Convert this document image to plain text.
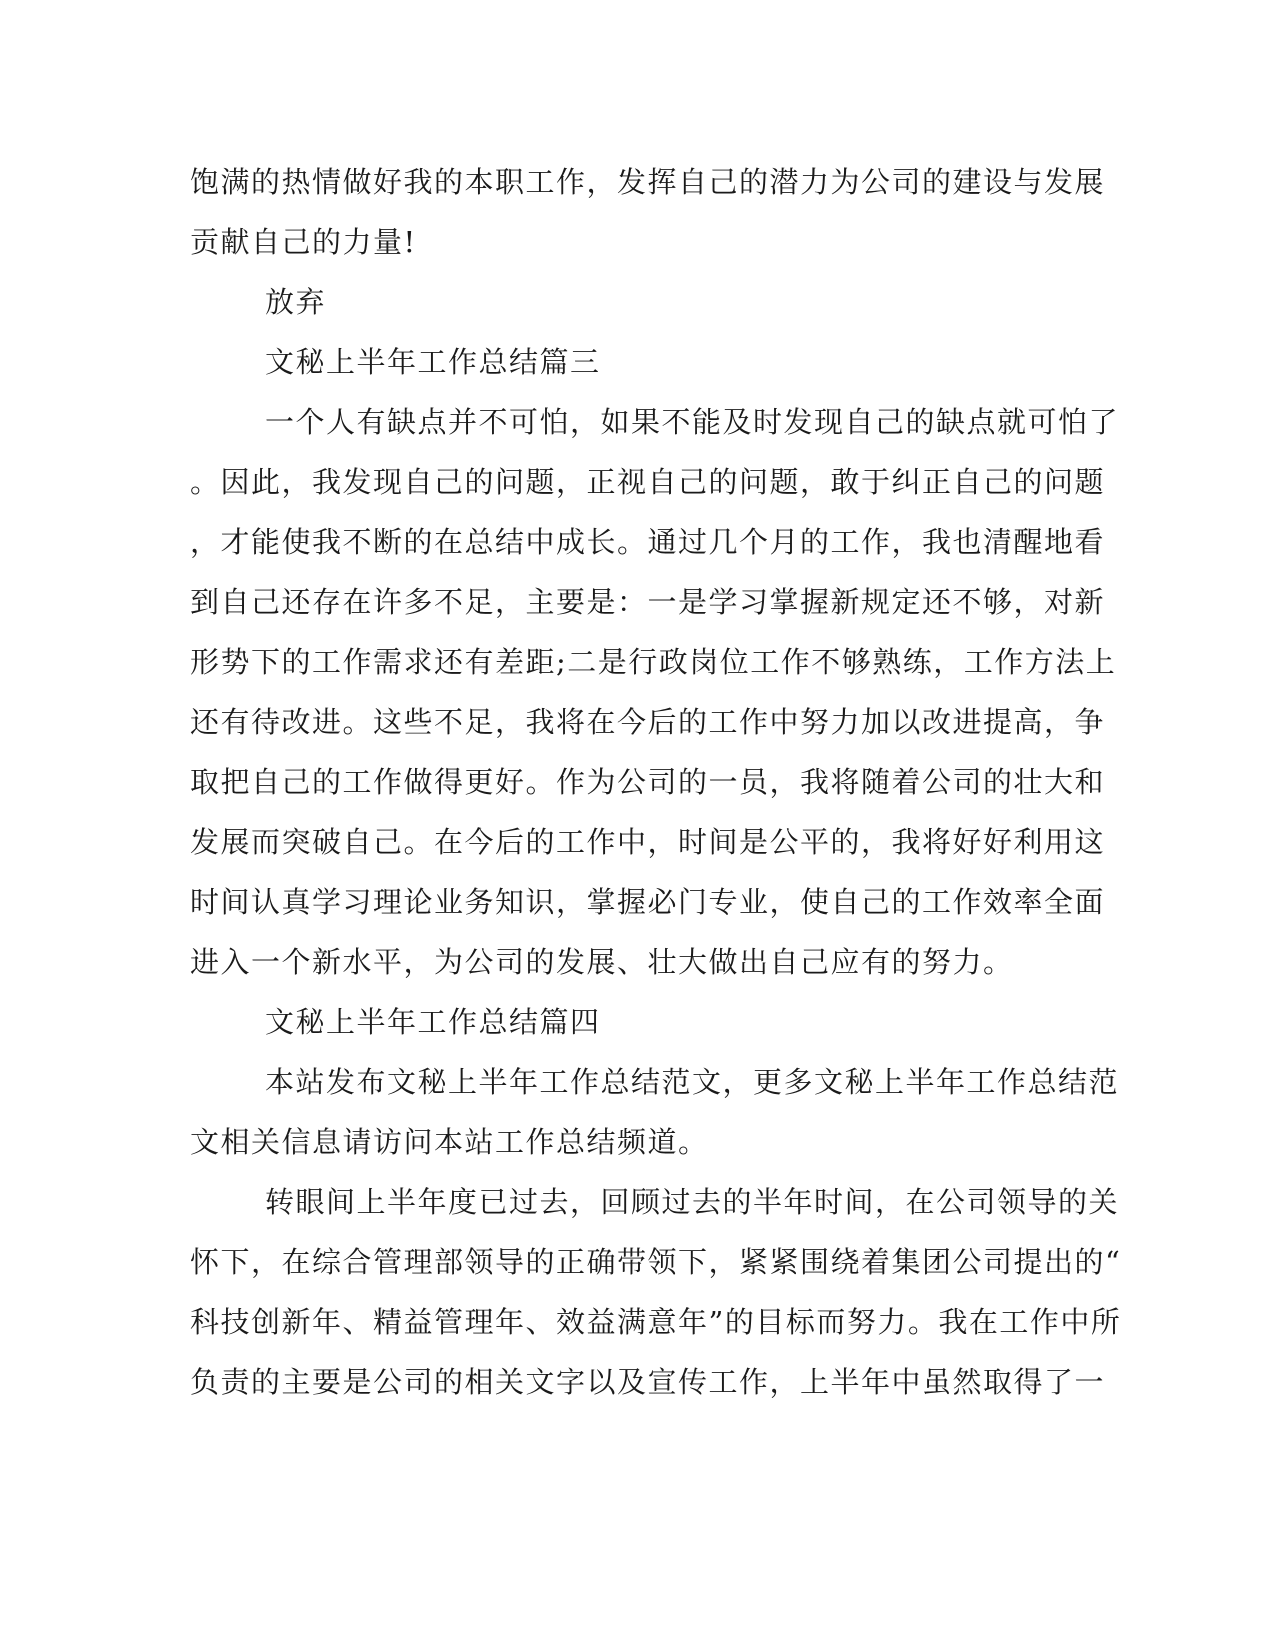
饱满的热情做好我的本职工作，发挥自己的潜力为公司的建设与发展
贡献自己的力量!
放弃
文秘上半年工作总结篇三
一个人有缺点并不可怕，如果不能及时发现自己的缺点就可怕了
。因此，我发现自己的问题，正视自己的问题，敢于纠正自己的问题
，才能使我不断的在总结中成长。通过几个月的工作，我也清醒地看
到自己还存在许多不足，主要是：一是学习掌握新规定还不够，对新
形势下的工作需求还有差距;二是行政岗位工作不够熟练，工作方法上
还有待改进。这些不足，我将在今后的工作中努力加以改进提高，争
取把自己的工作做得更好。作为公司的一员，我将随着公司的壮大和
发展而突破自己。在今后的工作中，时间是公平的，我将好好利用这
时间认真学习理论业务知识，掌握必门专业，使自己的工作效率全面
进入一个新水平，为公司的发展、壮大做出自己应有的努力。
文秘上半年工作总结篇四
本站发布文秘上半年工作总结范文，更多文秘上半年工作总结范
文相关信息请访问本站工作总结频道。
转眼间上半年度已过去，回顾过去的半年时间，在公司领导的关
怀下，在综合管理部领导的正确带领下，紧紧围绕着集团公司提出的“
科技创新年、精益管理年、效益满意年”的目标而努力。我在工作中所
负责的主要是公司的相关文字以及宣传工作，上半年中虽然取得了一
